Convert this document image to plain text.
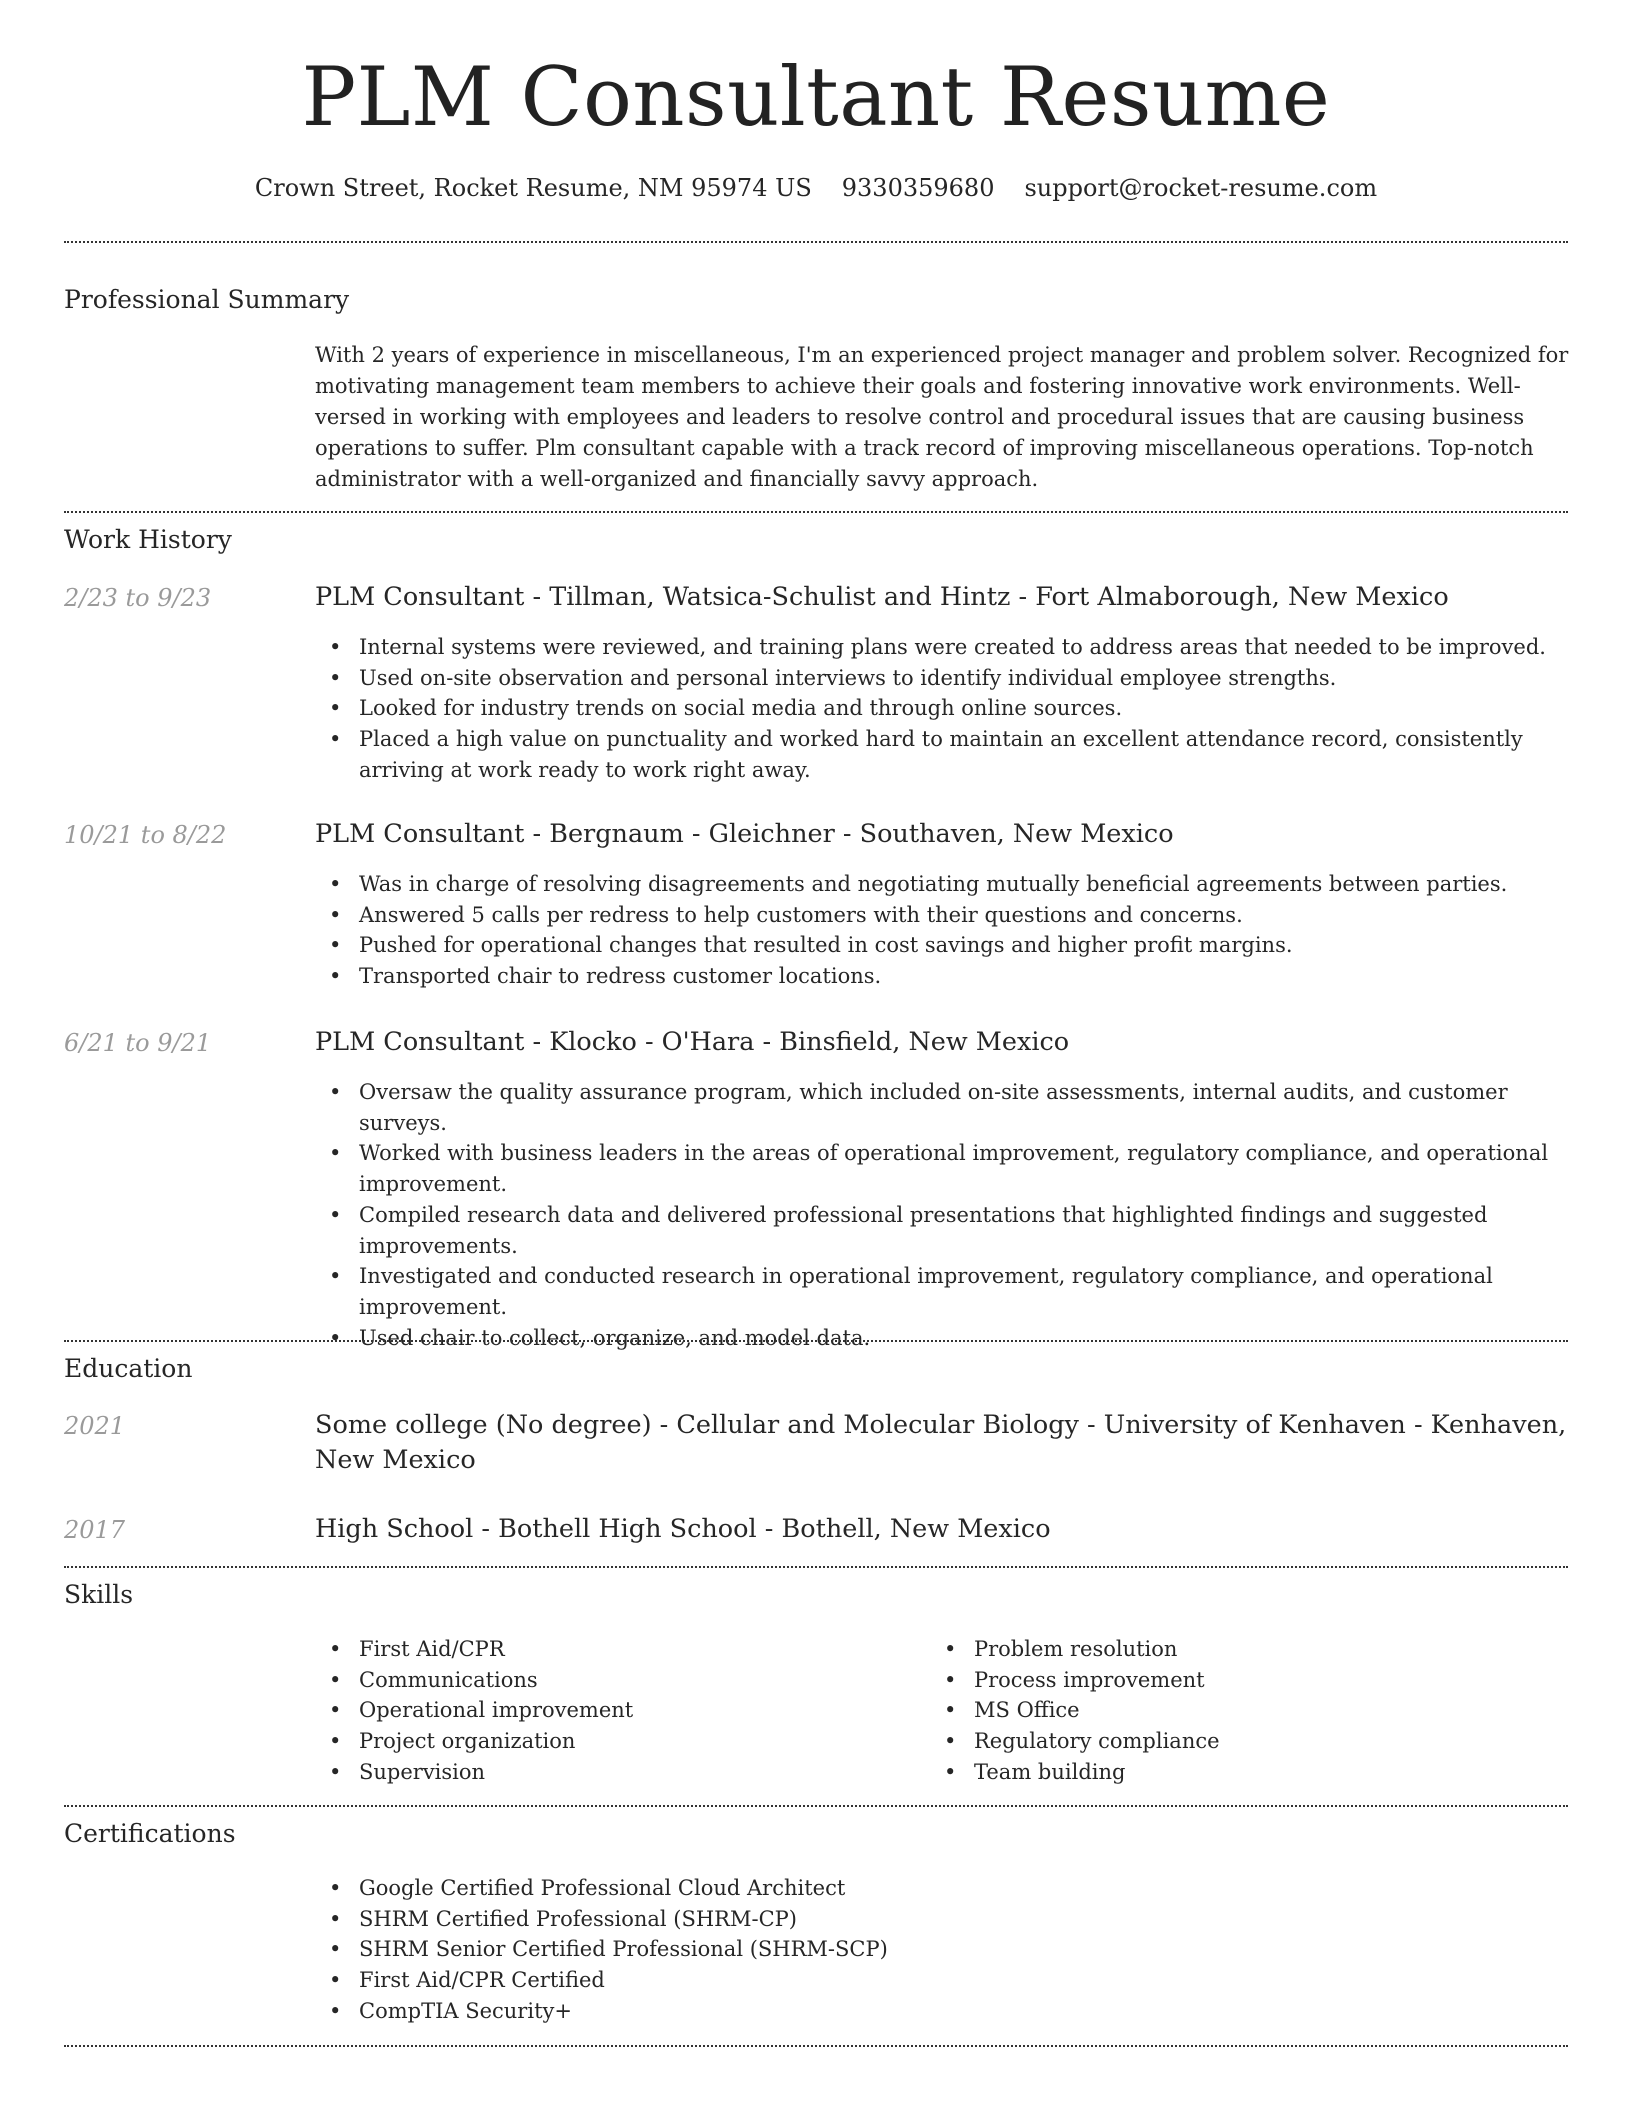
PLM Consultant Resume
Crown Street, Rocket Resume, NM 95974 US 9330359680 support@rocket-resume.com
Professional Summary

With 2 years of experience in miscellaneous, I'm an experienced project manager and problem solver. Recognized for motivating management team members to achieve their goals and fostering innovative work environments. Well-versed in working with employees and leaders to resolve control and procedural issues that are causing business operations to suffer. Plm consultant capable with a track record of improving miscellaneous operations. Top-notch administrator with a well-organized and financially savvy approach.

Work History
2/23 to 9/23	PLM Consultant - Tillman, Watsica-Schulist and Hintz - Fort Almaborough, New Mexico
• Internal systems were reviewed, and training plans were created to address areas that needed to be improved.
• Used on-site observation and personal interviews to identify individual employee strengths.
• Looked for industry trends on social media and through online sources.
• Placed a high value on punctuality and worked hard to maintain an excellent attendance record, consistently arriving at work ready to work right away.
10/21 to 8/22	PLM Consultant - Bergnaum - Gleichner - Southaven, New Mexico
• Was in charge of resolving disagreements and negotiating mutually beneficial agreements between parties.
• Answered 5 calls per redress to help customers with their questions and concerns.
• Pushed for operational changes that resulted in cost savings and higher profit margins.
• Transported chair to redress customer locations.
6/21 to 9/21	PLM Consultant - Klocko - O'Hara - Binsfield, New Mexico
• Oversaw the quality assurance program, which included on-site assessments, internal audits, and customer surveys.
• Worked with business leaders in the areas of operational improvement, regulatory compliance, and operational improvement.
• Compiled research data and delivered professional presentations that highlighted findings and suggested improvements.
• Investigated and conducted research in operational improvement, regulatory compliance, and operational improvement.
• Used chair to collect, organize, and model data.
Education
2021	Some college (No degree) - Cellular and Molecular Biology - University of Kenhaven - Kenhaven, New Mexico
2017	High School - Bothell High School - Bothell, New Mexico
Skills
• First Aid/CPR
• Communications
• Operational improvement
• Project organization
• Supervision
• Problem resolution
• Process improvement
• MS Office
• Regulatory compliance
• Team building
Certifications
• Google Certified Professional Cloud Architect
• SHRM Certified Professional (SHRM-CP)
• SHRM Senior Certified Professional (SHRM-SCP)
• First Aid/CPR Certified
• CompTIA Security+
